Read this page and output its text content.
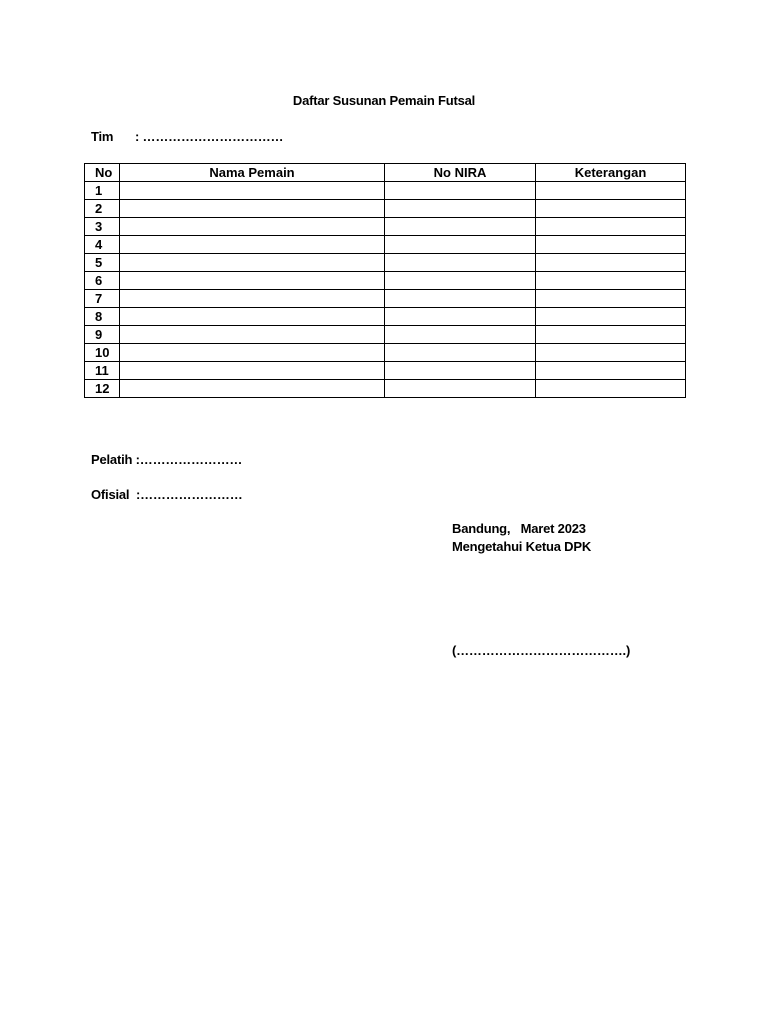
Daftar Susunan Pemain Futsal
Tim : ……………………………
No	Nama Pemain	No NIRA	Keterangan
1			
2			
3			
4			
5			
6			
7			
8			
9			
10			
11			
12			
Pelatih :……………………
Ofisial :……………………
Bandung,   Maret 2023
Mengetahui Ketua DPK
(………………………………….)
